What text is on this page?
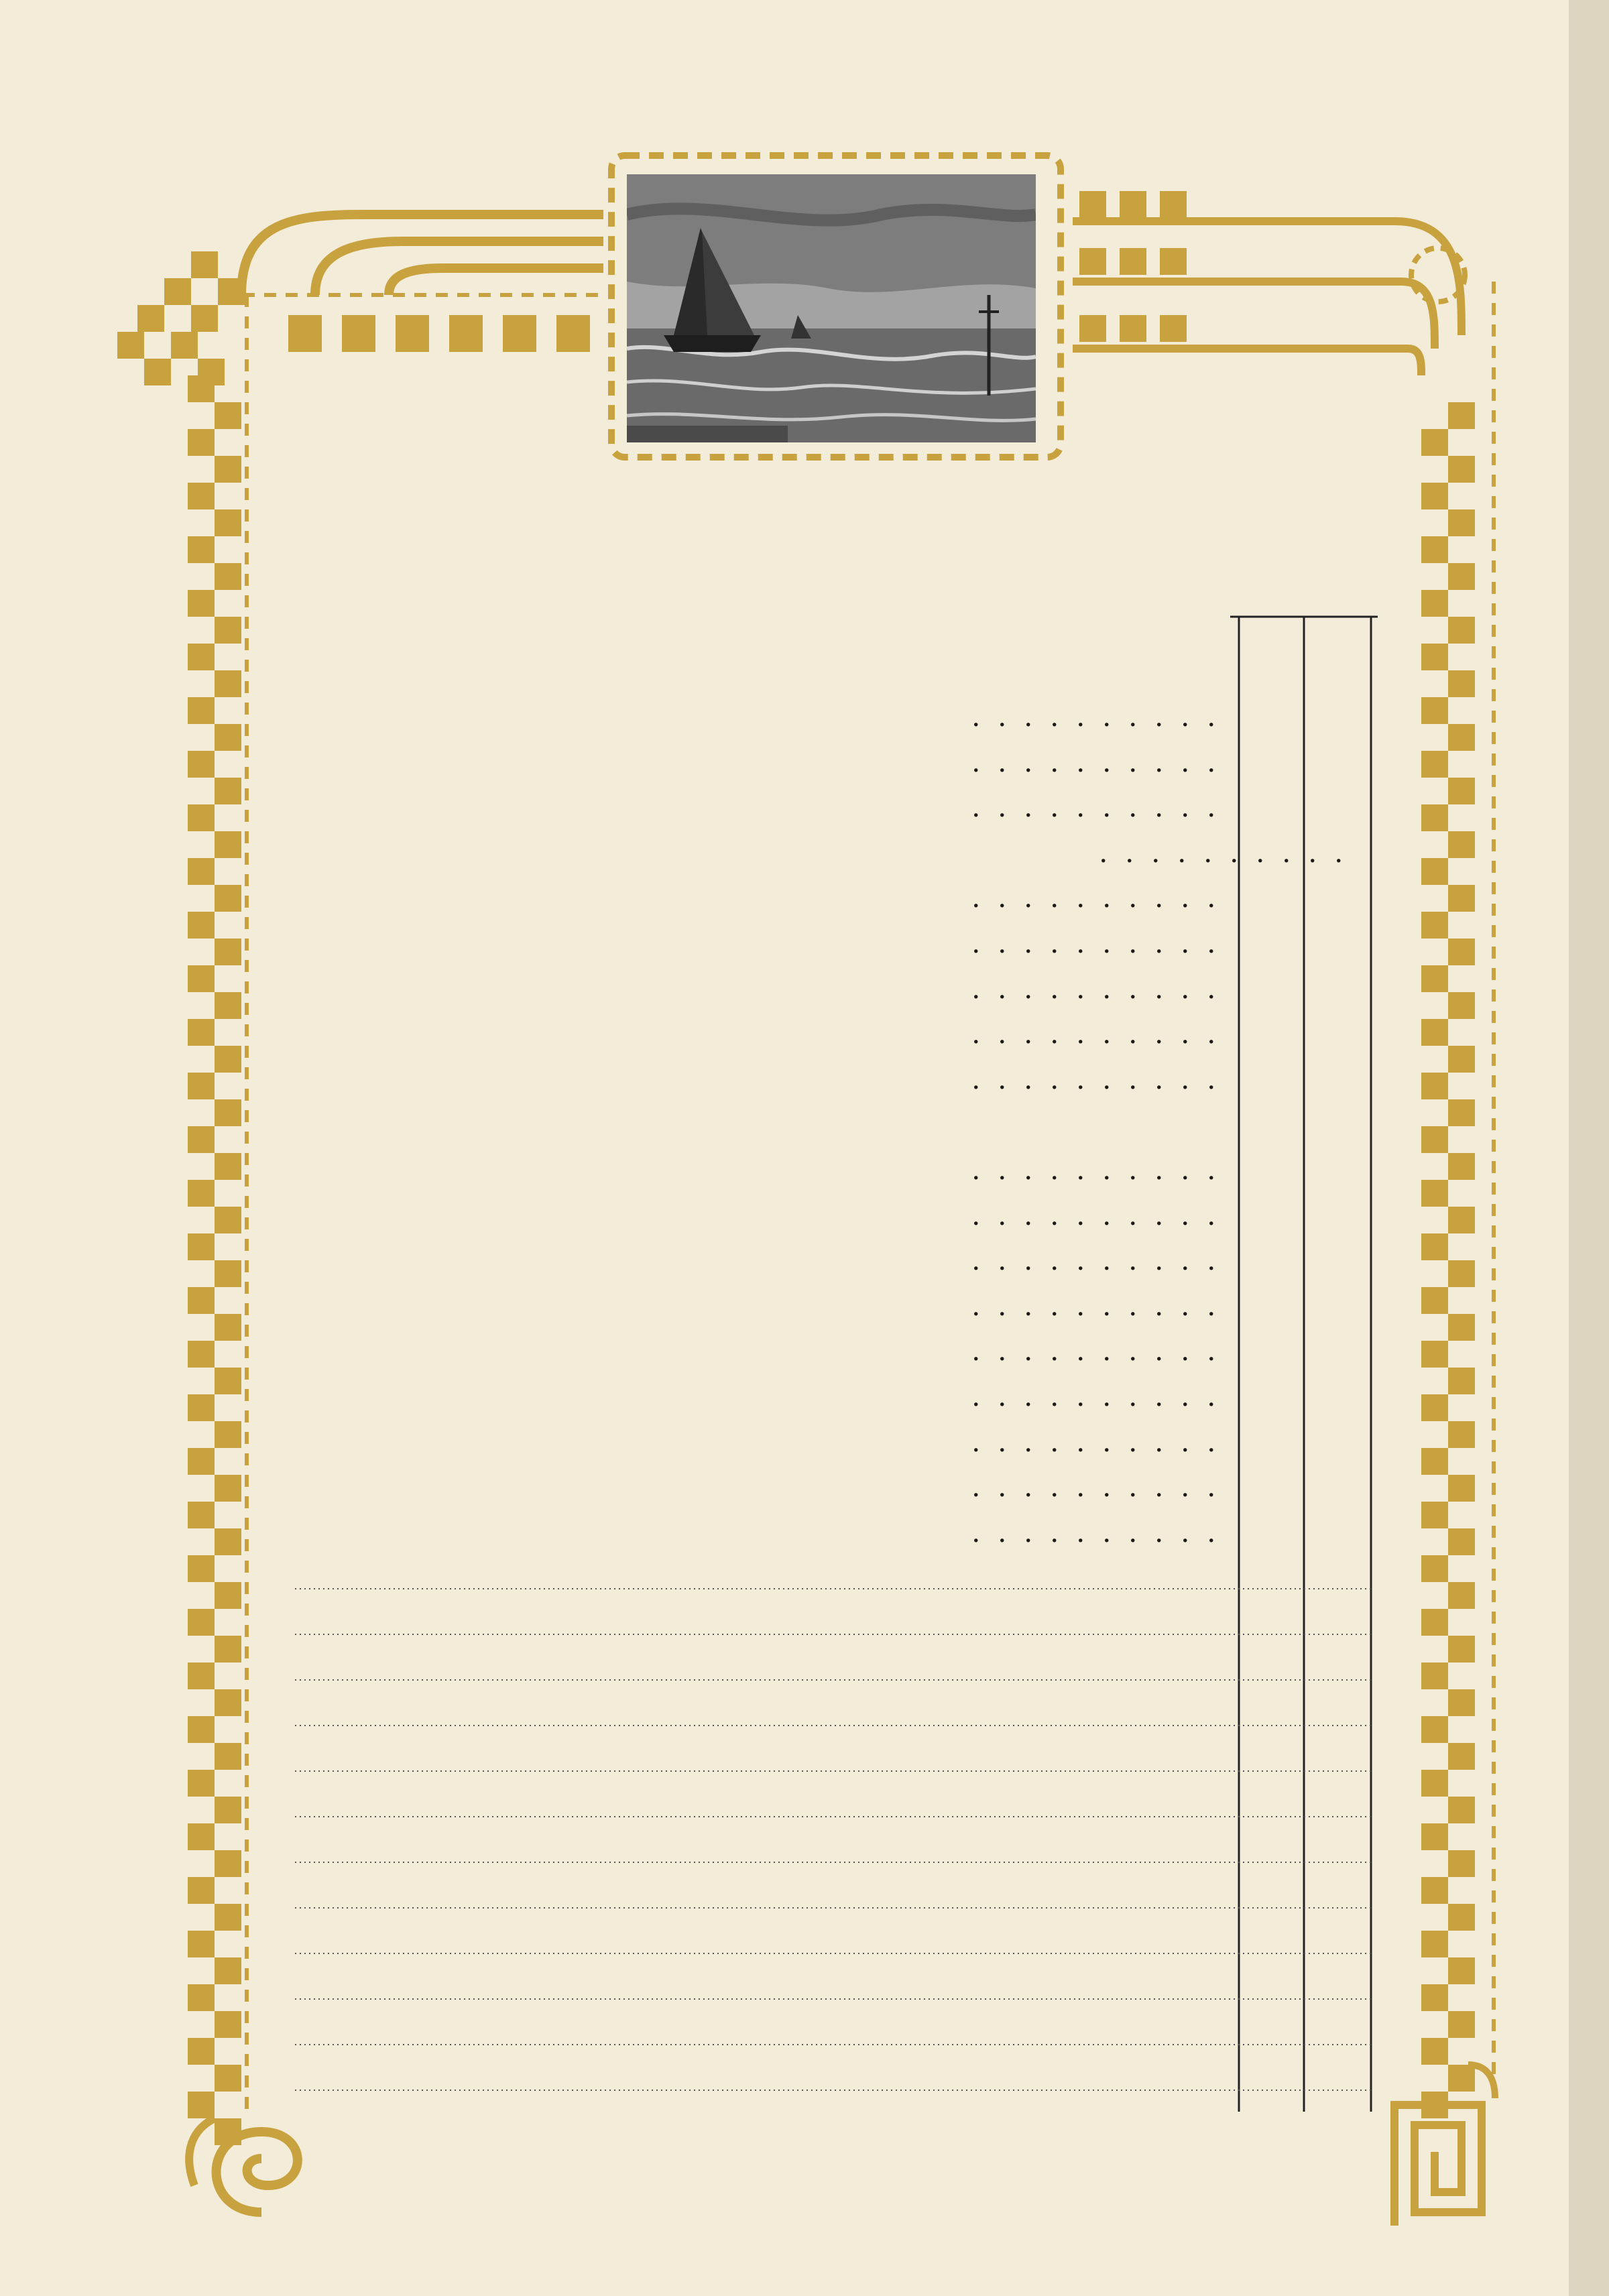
. . . . . . . . . .
. . . . . . . . . .
. . . . . . . . . .
. . . . . . . . . .
. . . . . . . . . .
. . . . . . . . . .
. . . . . . . . . .
. . . . . . . . . .
. . . . . . . . . .
. . . . . . . . . .
. . . . . . . . . .
. . . . . . . . . .
. . . . . . . . . .
. . . . . . . . . .
. . . . . . . . . .
. . . . . . . . . .
. . . . . . . . . .
. . . . . . . . . .
